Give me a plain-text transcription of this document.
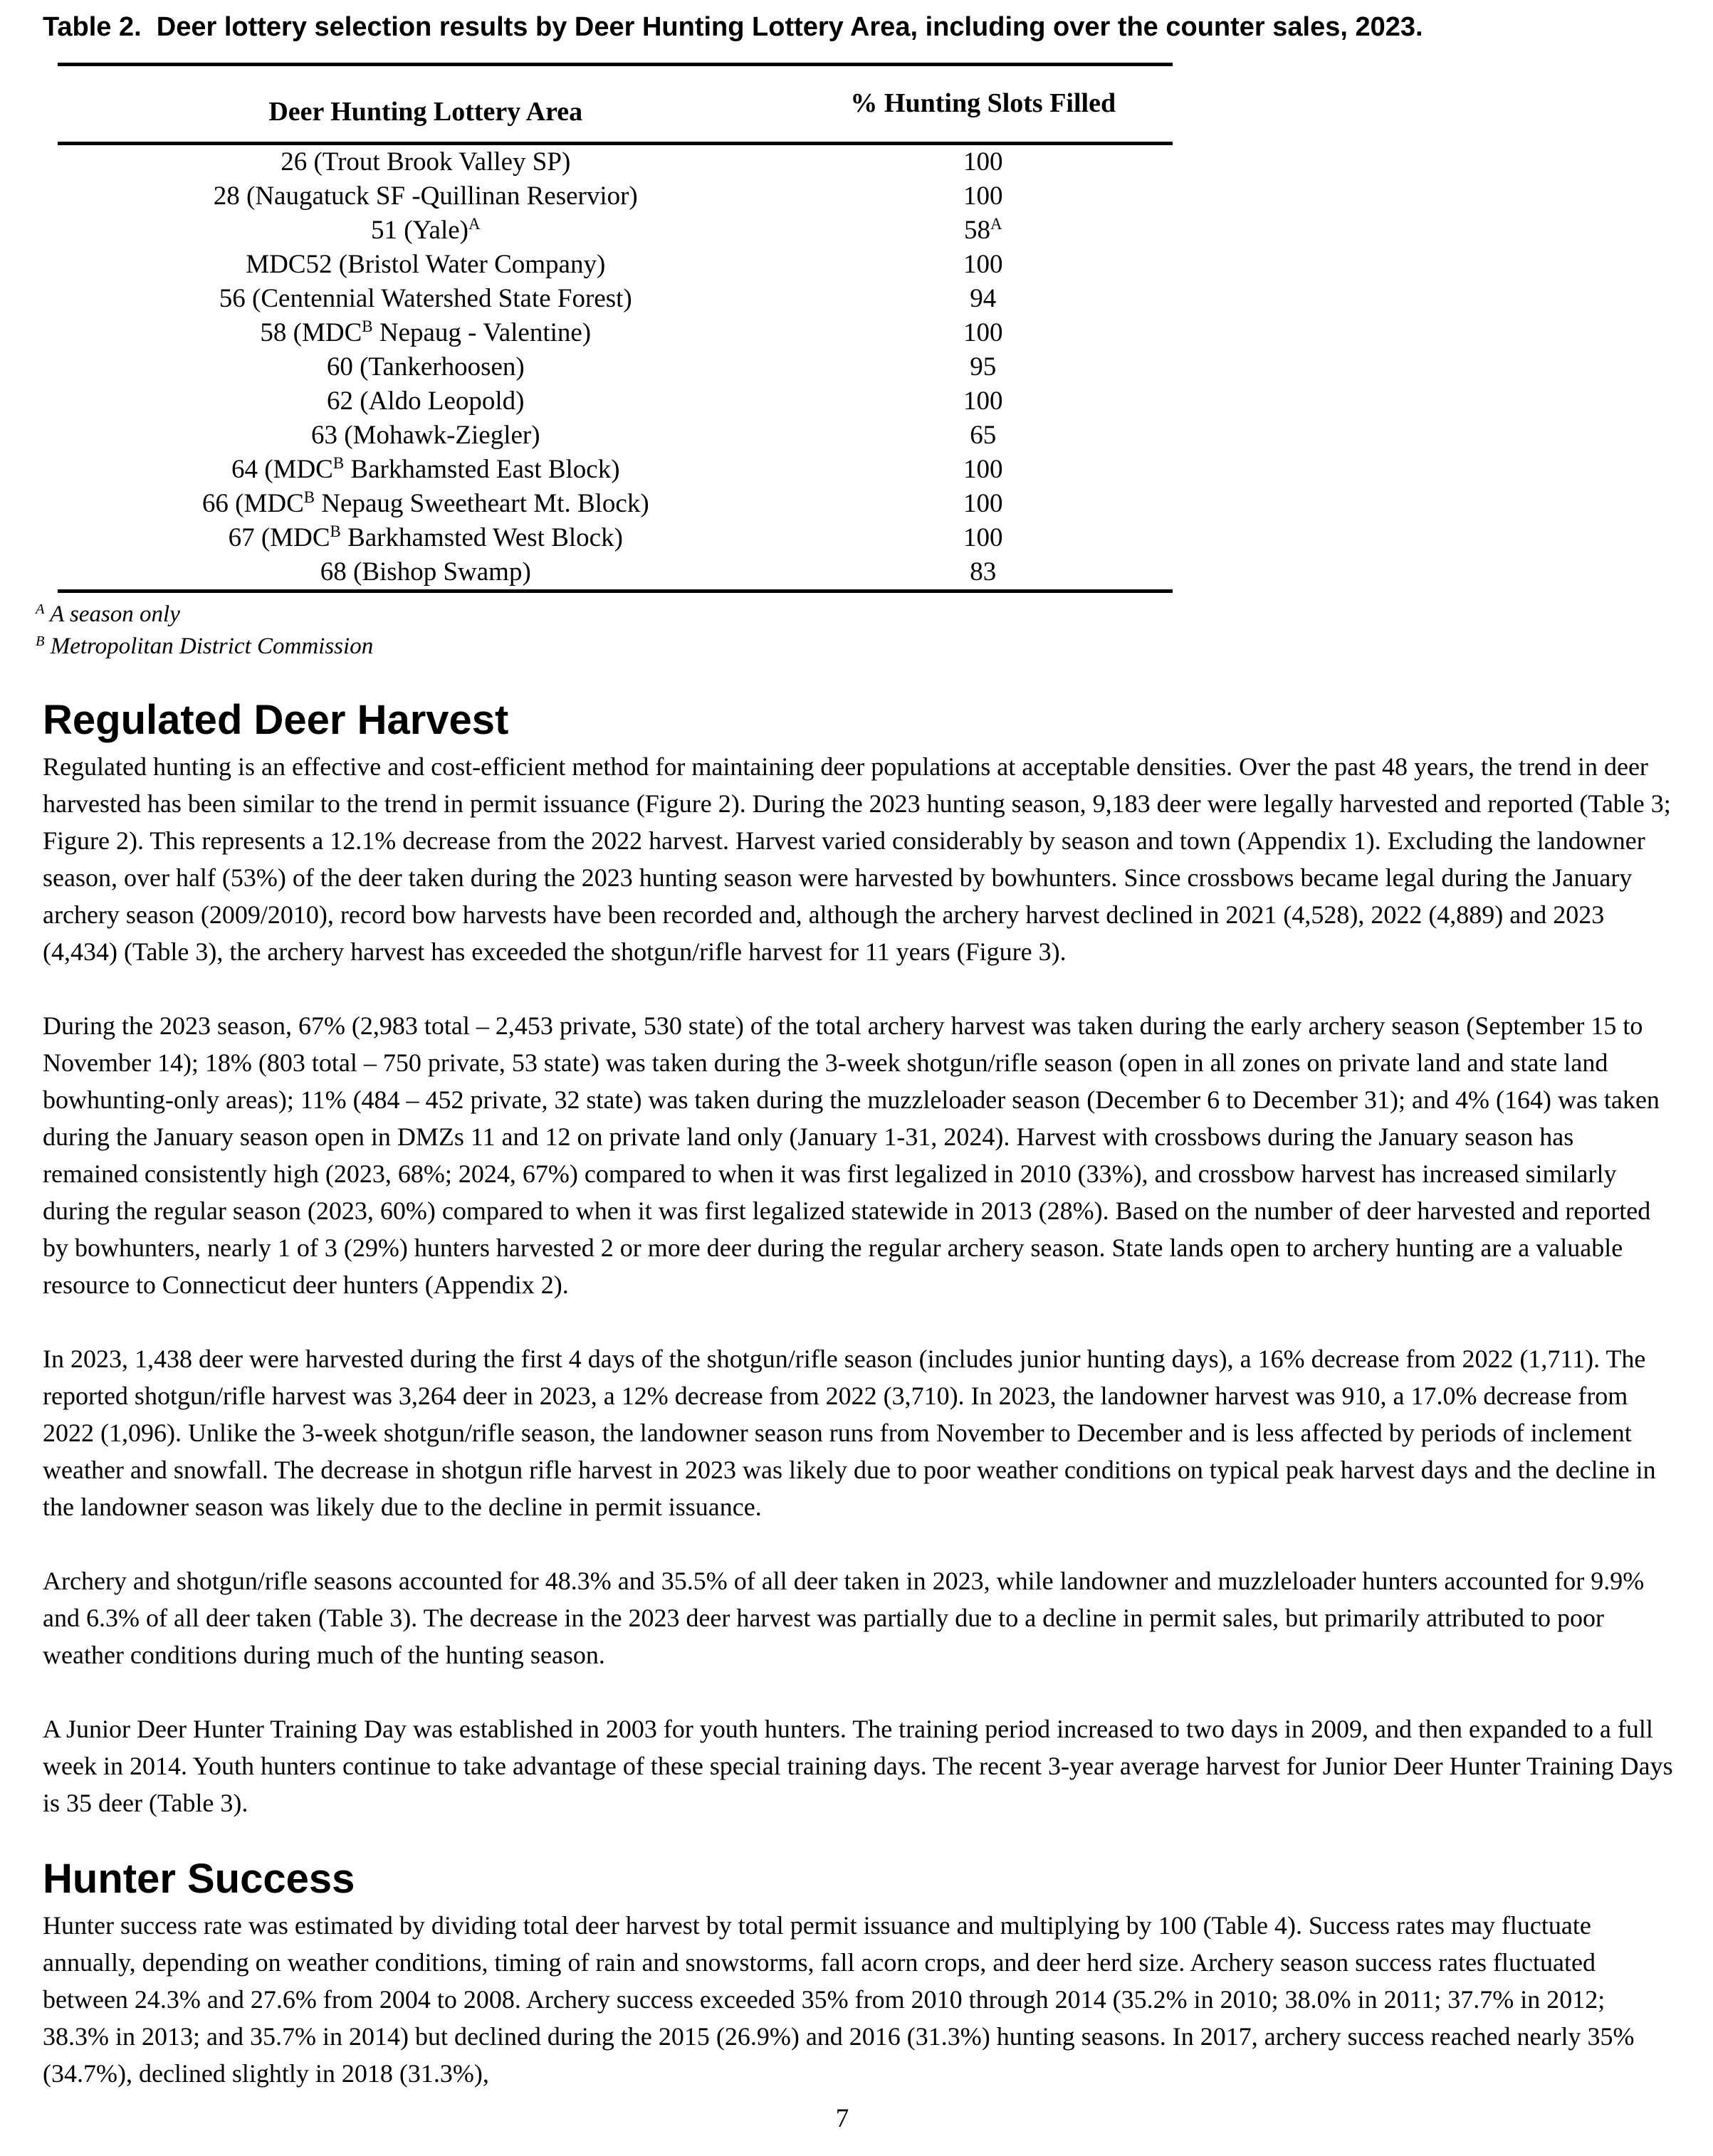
Table 2.  Deer lottery selection results by Deer Hunting Lottery Area, including over the counter sales, 2023.
Deer Hunting Lottery Area	% Hunting Slots Filled
26 (Trout Brook Valley SP)	100
28 (Naugatuck SF -Quillinan Reservior)	100
51 (Yale)$^A$	$58^A$
MDC52 (Bristol Water Company)	100
56 (Centennial Watershed State Forest)	94
58 ($MDC^B$ Nepaug - Valentine)	100
60 (Tankerhoosen)	95
62 (Aldo Leopold)	100
63 (Mohawk-Ziegler)	65
64 ($MDC^B$ Barkhamsted East Block)	100
66 ($MDC^B$ Nepaug Sweetheart Mt. Block)	100
67 ($MDC^B$ Barkhamsted West Block)	100
68 (Bishop Swamp)	83
$^A$ A season only
$^B$ Metropolitan District Commission
Regulated Deer Harvest

Regulated hunting is an effective and cost-efficient method for maintaining deer populations at acceptable densities. Over the past 48 years, the trend in deer harvested has been similar to the trend in permit issuance (Figure 2). During the 2023 hunting season, 9,183 deer were legally harvested and reported (Table 3; Figure 2). This represents a 12.1% decrease from the 2022 harvest. Harvest varied considerably by season and town (Appendix 1). Excluding the landowner season, over half (53%) of the deer taken during the 2023 hunting season were harvested by bowhunters. Since crossbows became legal during the January archery season (2009/2010), record bow harvests have been recorded and, although the archery harvest declined in 2021 (4,528), 2022 (4,889) and 2023 (4,434) (Table 3), the archery harvest has exceeded the shotgun/rifle harvest for 11 years (Figure 3).

During the 2023 season, 67% (2,983 total – 2,453 private, 530 state) of the total archery harvest was taken during the early archery season (September 15 to November 14); 18% (803 total – 750 private, 53 state) was taken during the 3-week shotgun/rifle season (open in all zones on private land and state land bowhunting-only areas); 11% (484 – 452 private, 32 state) was taken during the muzzleloader season (December 6 to December 31); and 4% (164) was taken during the January season open in DMZs 11 and 12 on private land only (January 1-31, 2024). Harvest with crossbows during the January season has remained consistently high (2023, 68%; 2024, 67%) compared to when it was first legalized in 2010 (33%), and crossbow harvest has increased similarly during the regular season (2023, 60%) compared to when it was first legalized statewide in 2013 (28%). Based on the number of deer harvested and reported by bowhunters, nearly 1 of 3 (29%) hunters harvested 2 or more deer during the regular archery season. State lands open to archery hunting are a valuable resource to Connecticut deer hunters (Appendix 2).

In 2023, 1,438 deer were harvested during the first 4 days of the shotgun/rifle season (includes junior hunting days), a 16% decrease from 2022 (1,711). The reported shotgun/rifle harvest was 3,264 deer in 2023, a 12% decrease from 2022 (3,710). In 2023, the landowner harvest was 910, a 17.0% decrease from 2022 (1,096). Unlike the 3-week shotgun/rifle season, the landowner season runs from November to December and is less affected by periods of inclement weather and snowfall. The decrease in shotgun rifle harvest in 2023 was likely due to poor weather conditions on typical peak harvest days and the decline in the landowner season was likely due to the decline in permit issuance.

Archery and shotgun/rifle seasons accounted for 48.3% and 35.5% of all deer taken in 2023, while landowner and muzzleloader hunters accounted for 9.9% and 6.3% of all deer taken (Table 3). The decrease in the 2023 deer harvest was partially due to a decline in permit sales, but primarily attributed to poor weather conditions during much of the hunting season.

A Junior Deer Hunter Training Day was established in 2003 for youth hunters. The training period increased to two days in 2009, and then expanded to a full week in 2014. Youth hunters continue to take advantage of these special training days. The recent 3-year average harvest for Junior Deer Hunter Training Days is 35 deer (Table 3).

Hunter Success

Hunter success rate was estimated by dividing total deer harvest by total permit issuance and multiplying by 100 (Table 4). Success rates may fluctuate annually, depending on weather conditions, timing of rain and snowstorms, fall acorn crops, and deer herd size. Archery season success rates fluctuated between 24.3% and 27.6% from 2004 to 2008. Archery success exceeded 35% from 2010 through 2014 (35.2% in 2010; 38.0% in 2011; 37.7% in 2012; 38.3% in 2013; and 35.7% in 2014) but declined during the 2015 (26.9%) and 2016 (31.3%) hunting seasons. In 2017, archery success reached nearly 35% (34.7%), declined slightly in 2018 (31.3%),

7
